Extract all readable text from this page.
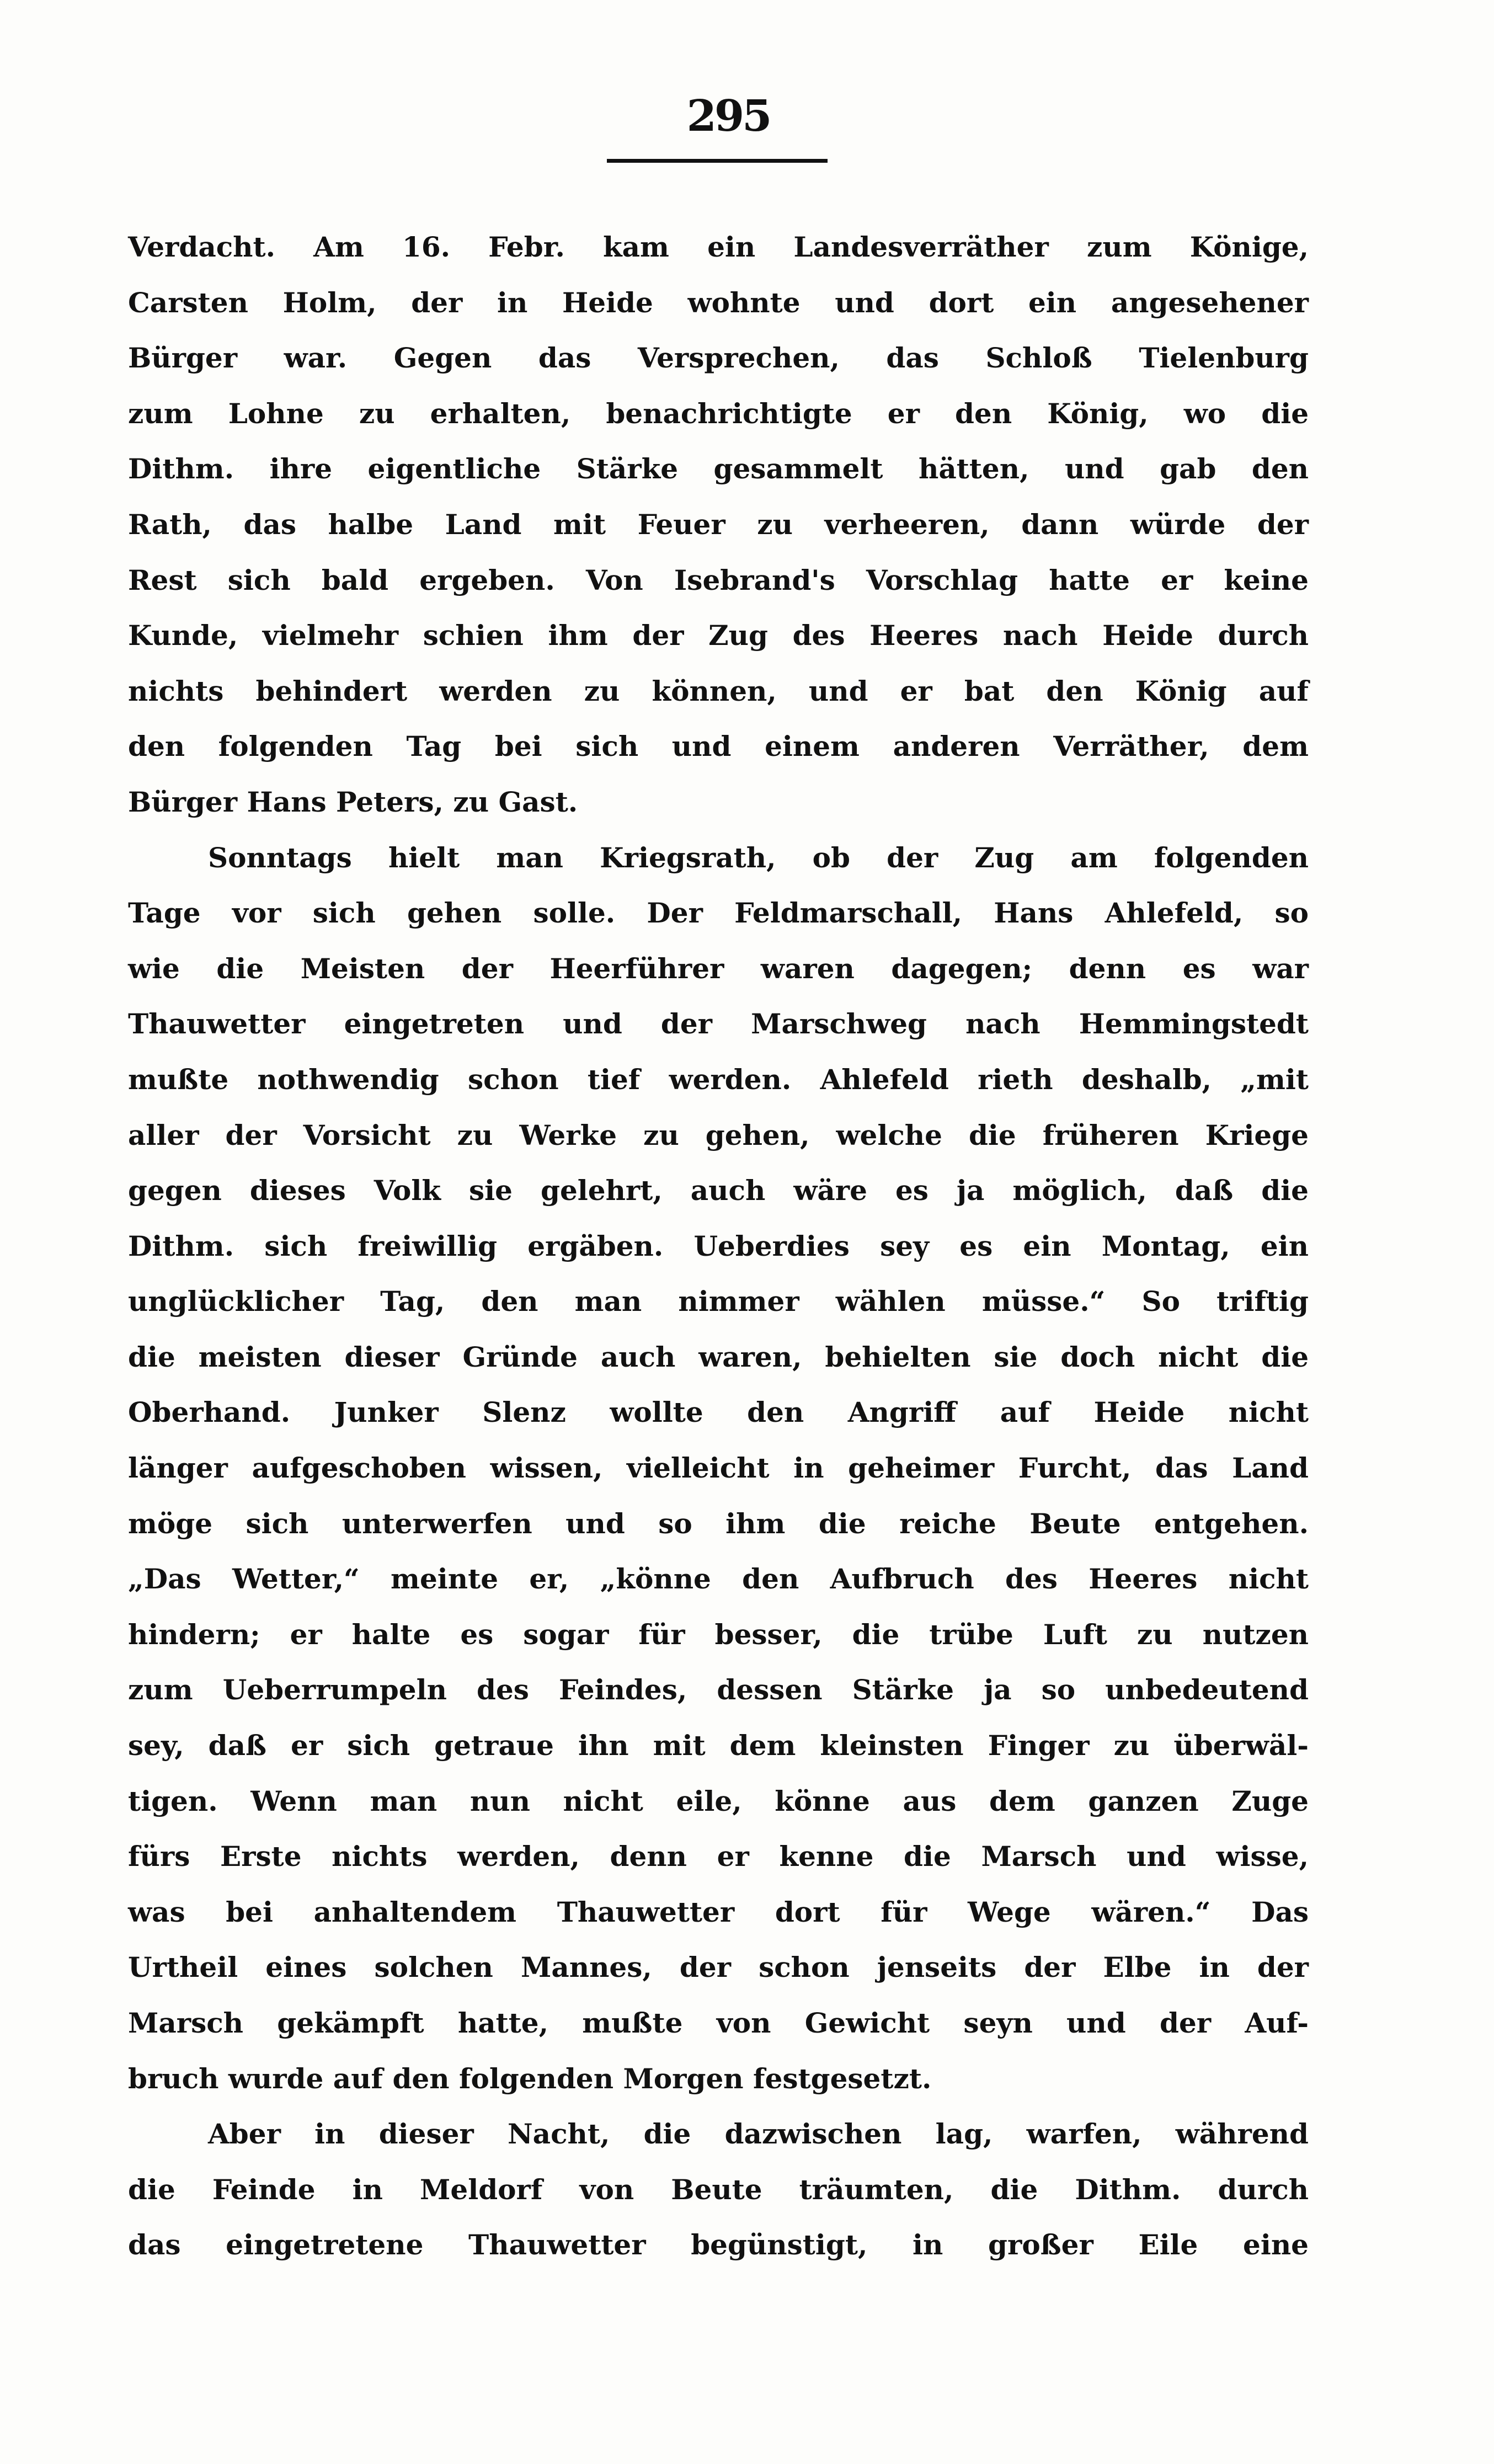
295
Verdacht. Am 16. Febr. kam ein Landesverräther zum Könige,
Carsten Holm, der in Heide wohnte und dort ein angesehener
Bürger war. Gegen das Versprechen, das Schloß Tielenburg
zum Lohne zu erhalten, benachrichtigte er den König, wo die
Dithm. ihre eigentliche Stärke gesammelt hätten, und gab den
Rath, das halbe Land mit Feuer zu verheeren, dann würde der
Rest sich bald ergeben. Von Isebrand's Vorschlag hatte er keine
Kunde, vielmehr schien ihm der Zug des Heeres nach Heide durch
nichts behindert werden zu können, und er bat den König auf
den folgenden Tag bei sich und einem anderen Verräther, dem
Bürger Hans Peters, zu Gast.
Sonntags hielt man Kriegsrath, ob der Zug am folgenden
Tage vor sich gehen solle. Der Feldmarschall, Hans Ahlefeld, so
wie die Meisten der Heerführer waren dagegen; denn es war
Thauwetter eingetreten und der Marschweg nach Hemmingstedt
mußte nothwendig schon tief werden. Ahlefeld rieth deshalb, „mit
aller der Vorsicht zu Werke zu gehen, welche die früheren Kriege
gegen dieses Volk sie gelehrt, auch wäre es ja möglich, daß die
Dithm. sich freiwillig ergäben. Ueberdies sey es ein Montag, ein
unglücklicher Tag, den man nimmer wählen müsse.“ So triftig
die meisten dieser Gründe auch waren, behielten sie doch nicht die
Oberhand. Junker Slenz wollte den Angriff auf Heide nicht
länger aufgeschoben wissen, vielleicht in geheimer Furcht, das Land
möge sich unterwerfen und so ihm die reiche Beute entgehen.
„Das Wetter,“ meinte er, „könne den Aufbruch des Heeres nicht
hindern; er halte es sogar für besser, die trübe Luft zu nutzen
zum Ueberrumpeln des Feindes, dessen Stärke ja so unbedeutend
sey, daß er sich getraue ihn mit dem kleinsten Finger zu überwäl-
tigen. Wenn man nun nicht eile, könne aus dem ganzen Zuge
fürs Erste nichts werden, denn er kenne die Marsch und wisse,
was bei anhaltendem Thauwetter dort für Wege wären.“ Das
Urtheil eines solchen Mannes, der schon jenseits der Elbe in der
Marsch gekämpft hatte, mußte von Gewicht seyn und der Auf-
bruch wurde auf den folgenden Morgen festgesetzt.
Aber in dieser Nacht, die dazwischen lag, warfen, während
die Feinde in Meldorf von Beute träumten, die Dithm. durch
das eingetretene Thauwetter begünstigt, in großer Eile eine
